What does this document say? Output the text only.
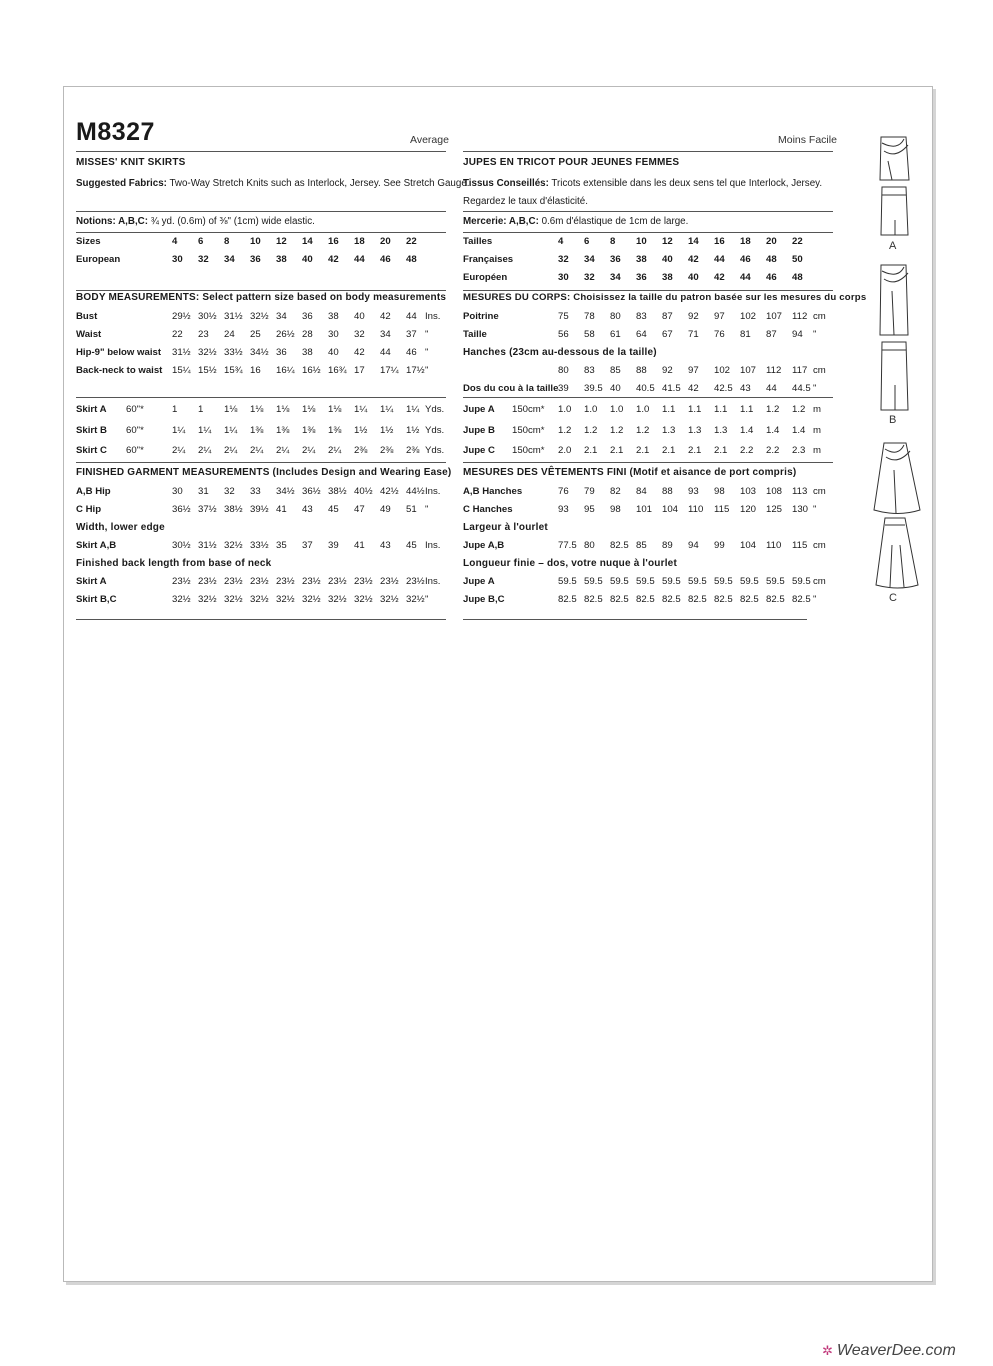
M8327	Average	Moins Facile
MISSES' KNIT SKIRTS
Suggested Fabrics: Two-Way Stretch Knits such as Interlock, Jersey. See Stretch Gauge.
Notions: A,B,C: ¾ yd. (0.6m) of ⅜" (1cm) wide elastic.
BODY MEASUREMENTS: Select pattern size based on body measurements
FINISHED GARMENT MEASUREMENTS (Includes Design and Wearing Ease)
Width, lower edge
Finished back length from base of neck
JUPES EN TRICOT POUR JEUNES FEMMES
Tissus Conseillés: Tricots extensible dans les deux sens tel que Interlock, Jersey.
Regardez le taux d'élasticité.
Mercerie: A,B,C: 0.6m d'élastique de 1cm de large.
MESURES DU CORPS: Choisissez la taille du patron basée sur les mesures du corps
Hanches (23cm au-dessous de la taille)
MESURES DES VÊTEMENTS FINI (Motif et aisance de port compris)
Largeur à l'ourlet
Longueur finie – dos, votre nuque à l'ourlet
Sizes	4 6 8 10 12 14 16 18 20 22
European	30 32 34 36 38 40 42 44 46 48
Bust	29½ 30½ 31½ 32½ 34 36 38 40 42 44 Ins.
Waist	22 23 24 25 26½ 28 30 32 34 37 "
Hip-9" below waist 31½ 32½ 33½ 34½ 36 38 40 42 44 46 "
Back-neck to waist 15¼ 15½ 15¾ 16 16¼ 16½ 16¾ 17 17¼ 17½ "
Skirt A 60"*	1 1 1⅛ 1⅛ 1⅛ 1⅛ 1⅛ 1¼ 1¼ 1¼ Yds.
Skirt B 60"*	1¼ 1¼ 1¼ 1⅜ 1⅜ 1⅜ 1⅜ 1½ 1½ 1½ Yds.
Skirt C 60"*	2¼ 2¼ 2¼ 2¼ 2¼ 2¼ 2¼ 2⅜ 2⅜ 2⅜ Yds.
A,B Hip	30 31 32 33 34½ 36½ 38½ 40½ 42½ 44½ Ins.
C Hip	36½ 37½ 38½ 39½ 41 43 45 47 49 51 "
Skirt A,B	30½ 31½ 32½ 33½ 35 37 39 41 43 45 Ins.
Skirt A	23½ 23½ 23½ 23½ 23½ 23½ 23½ 23½ 23½ 23½ Ins.
Skirt B,C	32½ 32½ 32½ 32½ 32½ 32½ 32½ 32½ 32½ 32½ "
Tailles	4 6 8 10 12 14 16 18 20 22
Françaises	32 34 36 38 40 42 44 46 48 50
Européen	30 32 34 36 38 40 42 44 46 48
Poitrine	75 78 80 83 87 92 97 102 107 112 cm
Taille	56 58 61 64 67 71 76 81 87 94 "
80 83 85 88 92 97 102 107 112 117 cm
Dos du cou à la taille 39 39.5 40 40.5 41.5 42 42.5 43 44 44.5 "
Jupe A 150cm* 1.0 1.0 1.0 1.0 1.1 1.1 1.1 1.1 1.2 1.2 m
Jupe B 150cm* 1.2 1.2 1.2 1.2 1.3 1.3 1.3 1.4 1.4 1.4 m
Jupe C 150cm* 2.0 2.1 2.1 2.1 2.1 2.1 2.1 2.2 2.2 2.3 m
A,B Hanches	76 79 82 84 88 93 98 103 108 113 cm
C Hanches	93 95 98 101 104 110 115 120 125 130 "
Jupe A,B	77.5 80 82.5 85 89 94 99 104 110 115 cm
Jupe A	59.5 59.5 59.5 59.5 59.5 59.5 59.5 59.5 59.5 59.5 cm
Jupe B,C	82.5 82.5 82.5 82.5 82.5 82.5 82.5 82.5 82.5 82.5 "
A
B
C
✲ WeaverDee.com
